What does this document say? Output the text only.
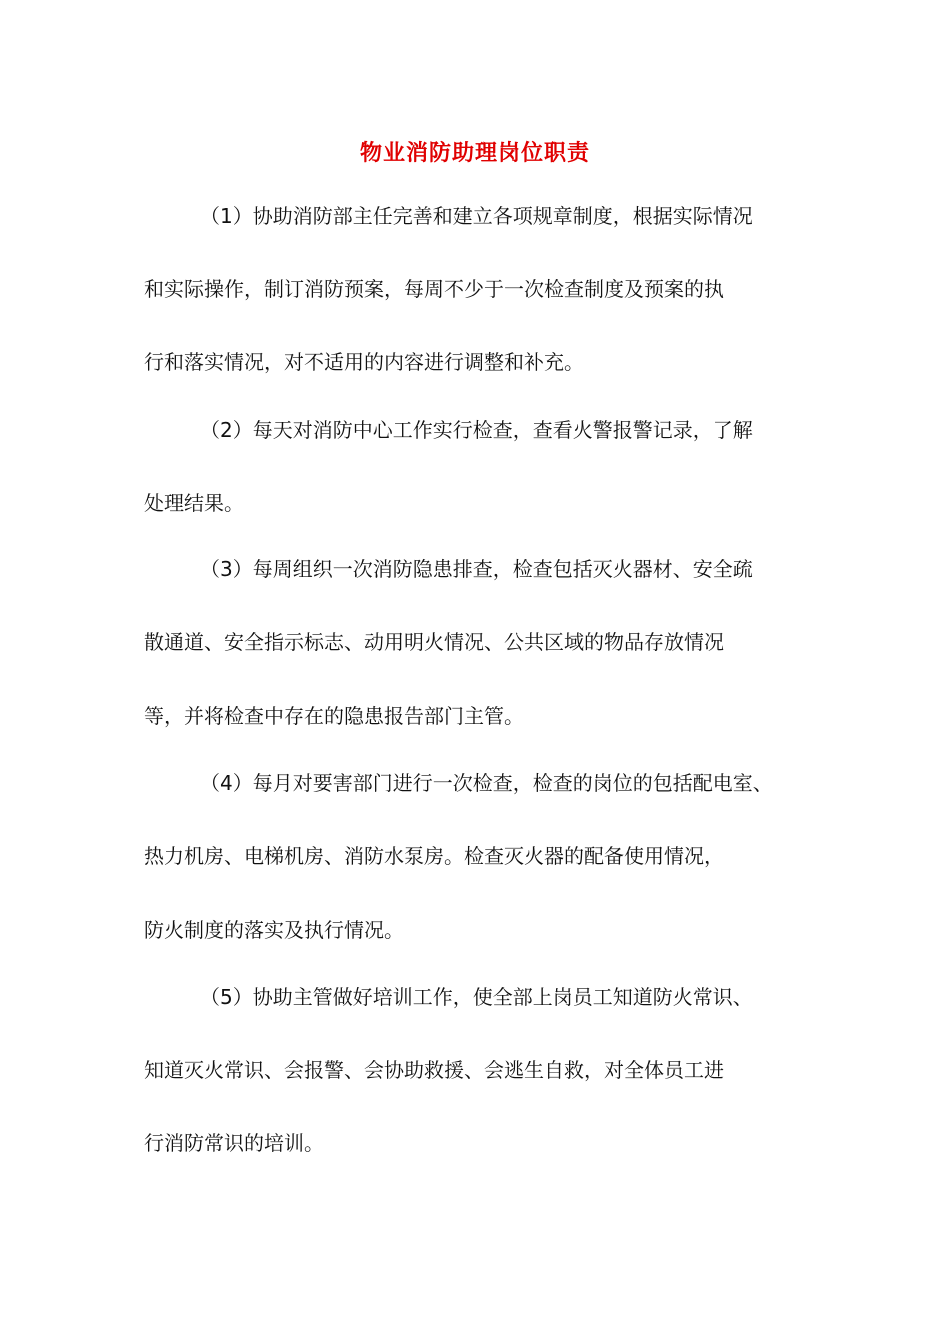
物业消防助理岗位职责
（1）协助消防部主任完善和建立各项规章制度，根据实际情况
和实际操作，制订消防预案，每周不少于一次检查制度及预案的执
行和落实情况，对不适用的内容进行调整和补充。
（2）每天对消防中心工作实行检查，查看火警报警记录，了解
处理结果。
（3）每周组织一次消防隐患排查，检查包括灭火器材、安全疏
散通道、安全指示标志、动用明火情况、公共区域的物品存放情况
等，并将检查中存在的隐患报告部门主管。
（4）每月对要害部门进行一次检查，检查的岗位的包括配电室、
热力机房、电梯机房、消防水泵房。检查灭火器的配备使用情况，
防火制度的落实及执行情况。
（5）协助主管做好培训工作，使全部上岗员工知道防火常识、
知道灭火常识、会报警、会协助救援、会逃生自救，对全体员工进
行消防常识的培训。
